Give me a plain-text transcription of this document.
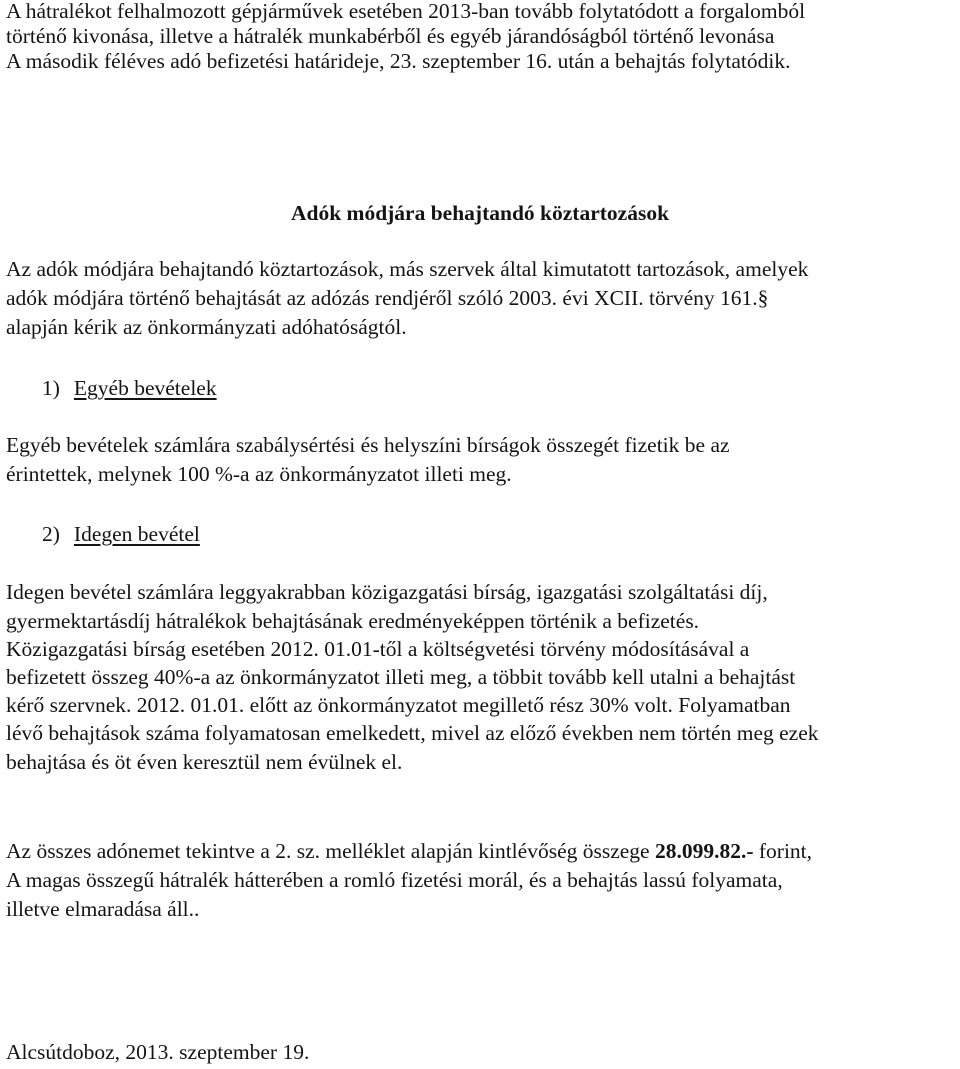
A hátralékot felhalmozott gépjárművek esetében 2013-ban tovább folytatódott a forgalomból
történő kivonása, illetve a hátralék munkabérből és egyéb járandóságból történő levonása
A második féléves adó befizetési határideje, 23. szeptember 16. után a behajtás folytatódik.
Adók módjára behajtandó köztartozások
Az adók módjára behajtandó köztartozások, más szervek által kimutatott tartozások, amelyek
adók módjára történő behajtását az adózás rendjéről szóló 2003. évi XCII. törvény 161.§
alapján kérik az önkormányzati adóhatóságtól.
1) Egyéb bevételek
Egyéb bevételek számlára szabálysértési és helyszíni bírságok összegét fizetik be az
érintettek, melynek 100 %-a az önkormányzatot illeti meg.
2) Idegen bevétel
Idegen bevétel számlára leggyakrabban közigazgatási bírság, igazgatási szolgáltatási díj,
gyermektartásdíj hátralékok behajtásának eredményeképpen történik a befizetés.
Közigazgatási bírság esetében 2012. 01.01-től a költségvetési törvény módosításával a
befizetett összeg 40%-a az önkormányzatot illeti meg, a többit tovább kell utalni a behajtást
kérő szervnek. 2012. 01.01. előtt az önkormányzatot megillető rész 30% volt. Folyamatban
lévő behajtások száma folyamatosan emelkedett, mivel az előző években nem történ meg ezek
behajtása és öt éven keresztül nem évülnek el.
Az összes adónemet tekintve a 2. sz. melléklet alapján kintlévőség összege 28.099.82.- forint,
A magas összegű hátralék hátterében a romló fizetési morál, és a behajtás lassú folyamata,
illetve elmaradása áll..
Alcsútdoboz, 2013. szeptember 19.
